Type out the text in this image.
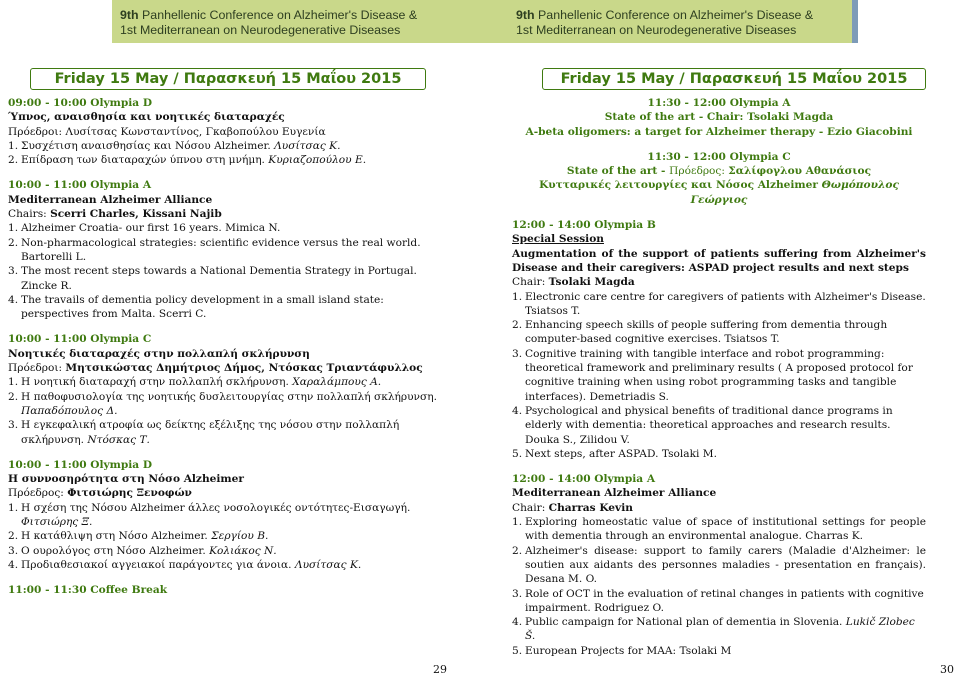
9th Panhellenic Conference on Alzheimer's Disease &
1st Mediterranean on Neurodegenerative Diseases
Friday 15 May / Παρασκευή 15 Μαΐου 2015
09:00 - 10:00 Olympia D
Ύπνος, αναισθησία και νοητικές διαταραχές
Πρόεδροι: Λυσίτσας Κωνσταντίνος, Γκαβοπούλου Ευγενία
1. Συσχέτιση αναισθησίας και Νόσου Alzheimer. Λυσίτσας Κ.
2. Επίδραση των διαταραχών ύπνου στη μνήμη. Κυριαζοπούλου Ε.
10:00 - 11:00 Olympia A
Mediterranean Alzheimer Alliance
Chairs: Scerri Charles, Kissani Najib
1. Alzheimer Croatia- our first 16 years. Mimica N.
2. Non-pharmacological strategies: scientific evidence versus the real world. Bartorelli L.
3. The most recent steps towards a National Dementia Strategy in Portugal. Zincke R.
4. The travails of dementia policy development in a small island state: perspectives from Malta. Scerri C.
10:00 - 11:00 Olympia C
Νοητικές διαταραχές στην πολλαπλή σκλήρυνση
Πρόεδροι: Μητσικώστας Δημήτριος Δήμος, Ντόσκας Τριαντάφυλλος
1. Η νοητική διαταραχή στην πολλαπλή σκλήρυνση. Χαραλάμπους Α.
2. Η παθοφυσιολογία της νοητικής δυσλειτουργίας στην πολλαπλή σκλήρυνση. Παπαδόπουλος Δ.
3. Η εγκεφαλική ατροφία ως δείκτης εξέλιξης της νόσου στην πολλαπλή σκλήρυνση. Ντόσκας Τ.
10:00 - 11:00 Olympia D
Η συννοσηρότητα στη Νόσο Alzheimer
Πρόεδρος: Φιτσιώρης Ξενοφών
1. Η σχέση της Νόσου Alzheimer άλλες νοσολογικές οντότητες-Εισαγωγή. Φιτσιώρης Ξ.
2. Η κατάθλιψη στη Νόσο Alzheimer. Σεργίου Β.
3. Ο ουρολόγος στη Νόσο Alzheimer. Κολιάκος Ν.
4. Προδιαθεσιακοί αγγειακοί παράγοντες για άνοια. Λυσίτσας Κ.
11:00 - 11:30 Coffee Break
29
9th Panhellenic Conference on Alzheimer's Disease &
1st Mediterranean on Neurodegenerative Diseases
Friday 15 May / Παρασκευή 15 Μαΐου 2015
11:30 - 12:00 Olympia A
State of the art - Chair: Tsolaki Magda
A-beta oligomers: a target for Alzheimer therapy - Ezio Giacobini
11:30 - 12:00 Olympia C
State of the art - Πρόεδρος: Σαλίφογλου Αθανάσιος
Κυτταρικές λειτουργίες και Νόσος Alzheimer Θωμόπουλος Γεώργιος
12:00 - 14:00 Olympia B
Special Session
Augmentation of the support of patients suffering from Alzheimer's Disease and their caregivers: ASPAD project results and next steps
Chair: Tsolaki Magda
1. Electronic care centre for caregivers of patients with Alzheimer's Disease. Tsiatsos T.
2. Enhancing speech skills of people suffering from dementia through computer-based cognitive exercises. Tsiatsos T.
3. Cognitive training with tangible interface and robot programming: theoretical framework and preliminary results ( A proposed protocol for cognitive training when using robot programming tasks and tangible interfaces). Demetriadis S.
4. Psychological and physical benefits of traditional dance programs in elderly with dementia: theoretical approaches and research results. Douka S., Zilidou V.
5. Next steps, after ASPAD. Tsolaki M.
12:00 - 14:00 Olympia A
Mediterranean Alzheimer Alliance
Chair: Charras Kevin
1. Exploring homeostatic value of space of institutional settings for people with dementia through an environmental analogue. Charras K.
2. Alzheimer's disease: support to family carers (Maladie d'Alzheimer: le soutien aux aidants des personnes maladies - presentation en français). Desana M. O.
3. Role of OCT in the evaluation of retinal changes in patients with cognitive impairment. Rodriguez O.
4. Public campaign for National plan of dementia in Slovenia. Lukič Zlobec Š.
5. European Projects for MAA: Tsolaki M
30
